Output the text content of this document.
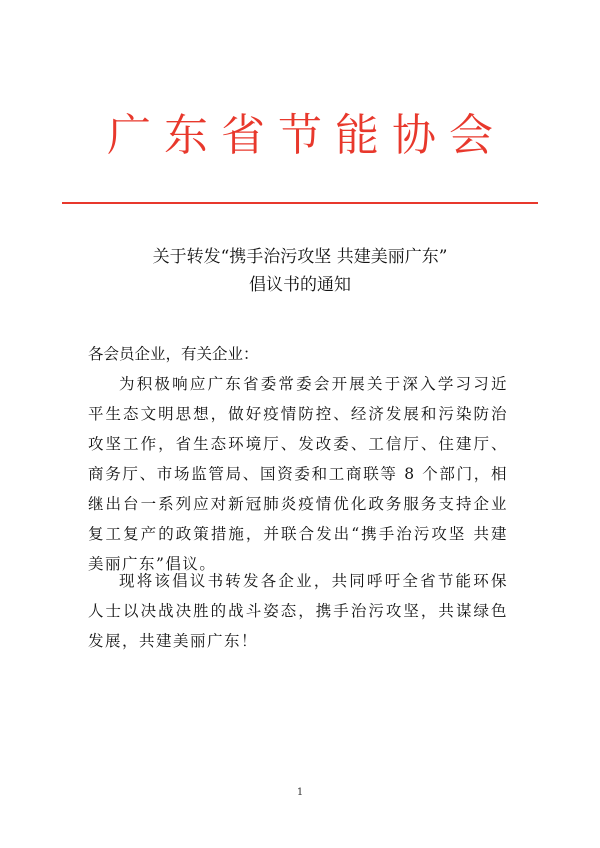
广东省节能协会
关于转发“携手治污攻坚 共建美丽广东”
倡议书的通知
各会员企业，有关企业：

为积极响应广东省委常委会开展关于深入学习习近平生态文明思想，做好疫情防控、经济发展和污染防治攻坚工作，省生态环境厅、发改委、工信厅、住建厅、商务厅、市场监管局、国资委和工商联等 8 个部门，相继出台一系列应对新冠肺炎疫情优化政务服务支持企业复工复产的政策措施，并联合发出“携手治污攻坚 共建美丽广东”倡议。

现将该倡议书转发各企业，共同呼吁全省节能环保人士以决战决胜的战斗姿态，携手治污攻坚，共谋绿色发展，共建美丽广东！

1
